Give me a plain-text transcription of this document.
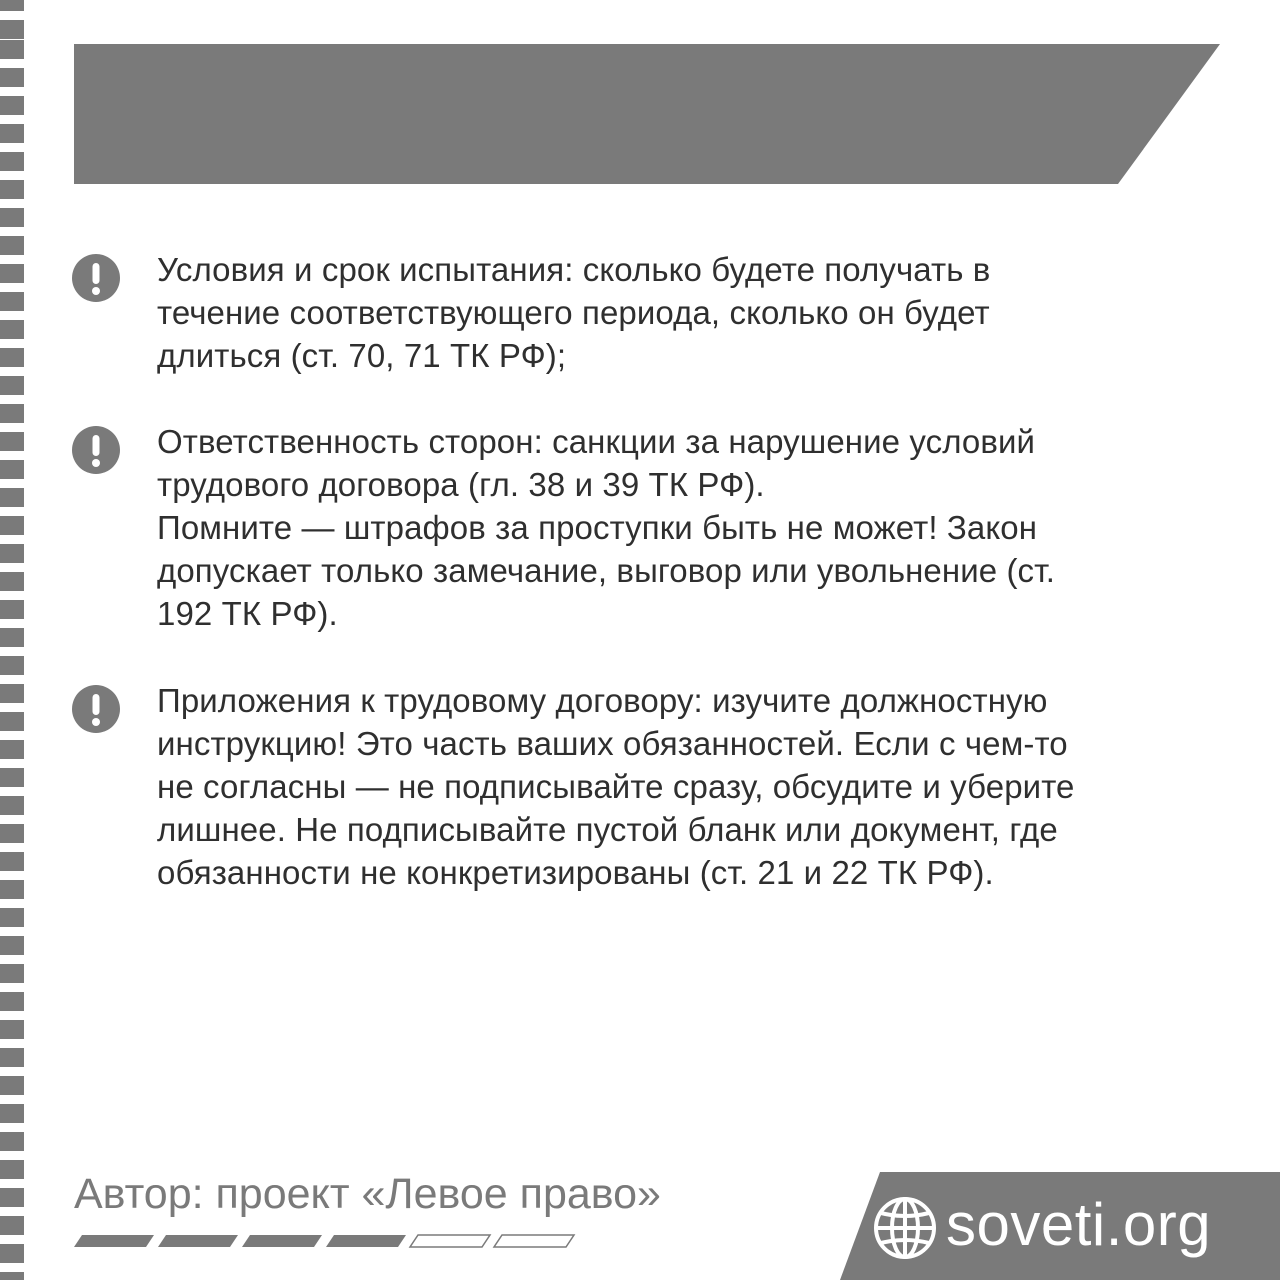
Условия и срок испытания: сколько будете получать в

течение соответствующего периода, сколько он будет

длиться (ст. 70, 71 ТК РФ);

Ответственность сторон: санкции за нарушение условий

трудового договора (гл. 38 и 39 ТК РФ).

Помните — штрафов за проступки быть не может! Закон

допускает только замечание, выговор или увольнение (ст.

192 ТК РФ).

Приложения к трудовому договору: изучите должностную

инструкцию! Это часть ваших обязанностей. Если с чем-то

не согласны — не подписывайте сразу, обсудите и уберите

лишнее. Не подписывайте пустой бланк или документ, где

обязанности не конкретизированы (ст. 21 и 22 ТК РФ).

Автор: проект «Левое право»	soveti.org
